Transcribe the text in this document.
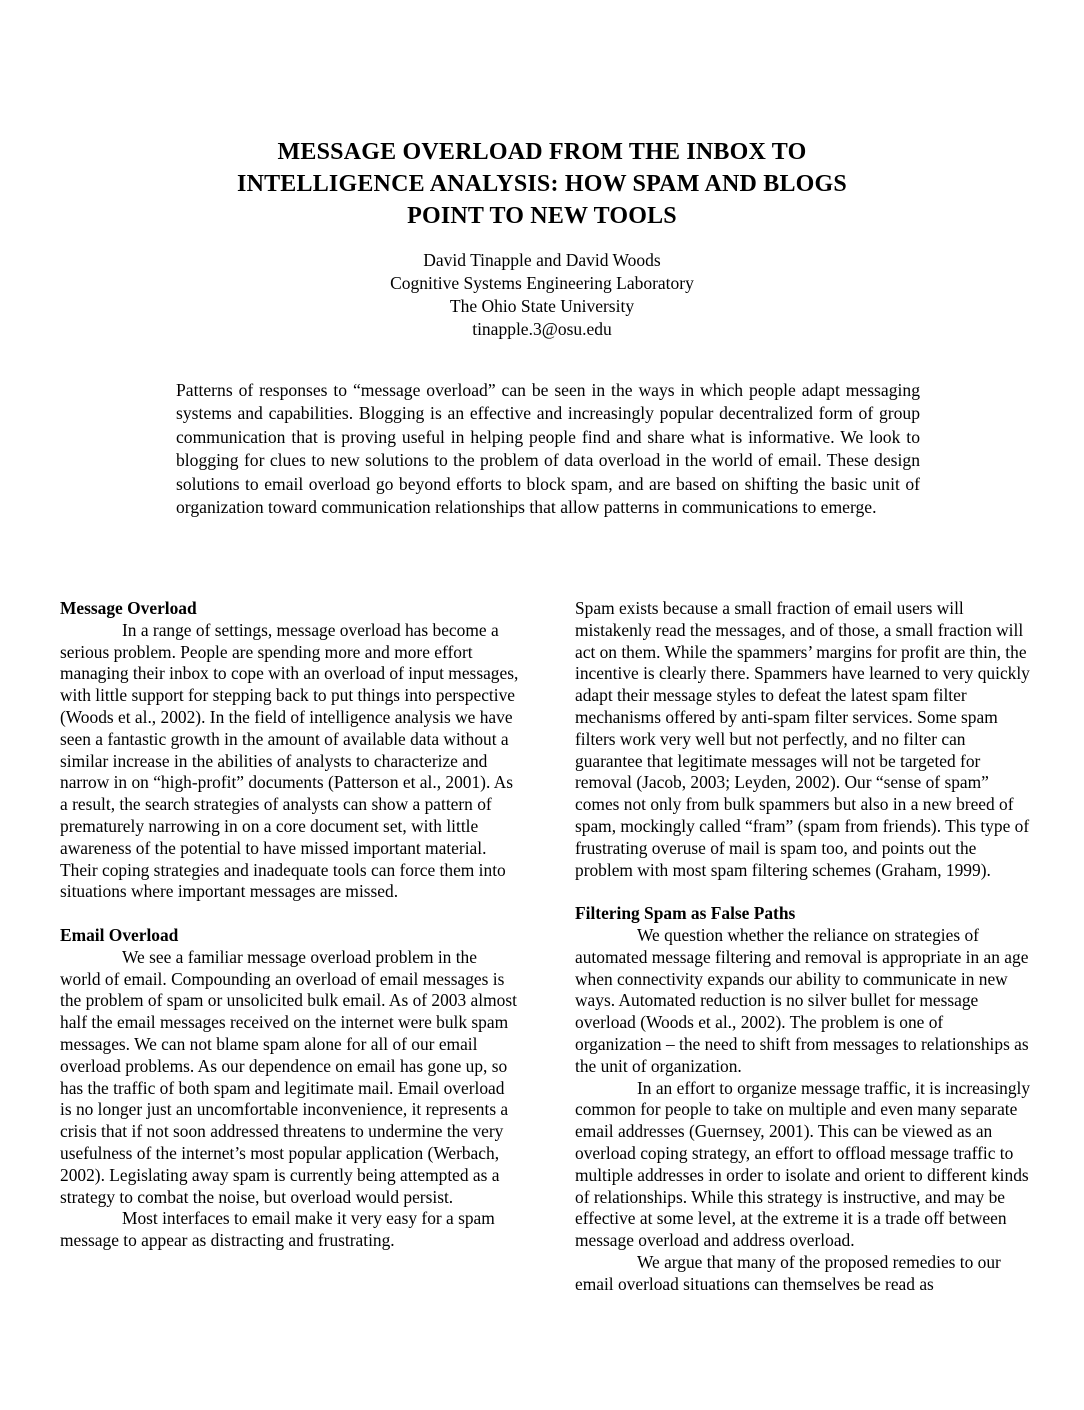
MESSAGE OVERLOAD FROM THE INBOX TO
INTELLIGENCE ANALYSIS: HOW SPAM AND BLOGS
POINT TO NEW TOOLS
David Tinapple and David Woods
Cognitive Systems Engineering Laboratory
The Ohio State University
tinapple.3@osu.edu
Patterns of responses to “message overload” can be seen in the ways in which people adapt messaging systems and capabilities. Blogging is an effective and increasingly popular decentralized form of group communication that is proving useful in helping people find and share what is informative. We look to blogging for clues to new solutions to the problem of data overload in the world of email. These design solutions to email overload go beyond efforts to block spam, and are based on shifting the basic unit of organization toward communication relationships that allow patterns in communications to emerge.
Message Overload

In a range of settings, message overload has become a serious problem. People are spending more and more effort managing their inbox to cope with an overload of input messages, with little support for stepping back to put things into perspective (Woods et al., 2002). In the field of intelligence analysis we have seen a fantastic growth in the amount of available data without a similar increase in the abilities of analysts to characterize and narrow in on “high-profit” documents (Patterson et al., 2001). As a result, the search strategies of analysts can show a pattern of prematurely narrowing in on a core document set, with little awareness of the potential to have missed important material. Their coping strategies and inadequate tools can force them into situations where important messages are missed.

Email Overload

We see a familiar message overload problem in the world of email. Compounding an overload of email messages is the problem of spam or unsolicited bulk email. As of 2003 almost half the email messages received on the internet were bulk spam messages. We can not blame spam alone for all of our email overload problems. As our dependence on email has gone up, so has the traffic of both spam and legitimate mail. Email overload is no longer just an uncomfortable inconvenience, it represents a crisis that if not soon addressed threatens to undermine the very usefulness of the internet’s most popular application (Werbach, 2002). Legislating away spam is currently being attempted as a strategy to combat the noise, but overload would persist.

Most interfaces to email make it very easy for a spam message to appear as distracting and frustrating.

Spam exists because a small fraction of email users will mistakenly read the messages, and of those, a small fraction will act on them. While the spammers’ margins for profit are thin, the incentive is clearly there. Spammers have learned to very quickly adapt their message styles to defeat the latest spam filter mechanisms offered by anti-spam filter services. Some spam filters work very well but not perfectly, and no filter can guarantee that legitimate messages will not be targeted for removal (Jacob, 2003; Leyden, 2002). Our “sense of spam” comes not only from bulk spammers but also in a new breed of spam, mockingly called “fram” (spam from friends). This type of frustrating overuse of mail is spam too, and points out the problem with most spam filtering schemes (Graham, 1999).

Filtering Spam as False Paths

We question whether the reliance on strategies of automated message filtering and removal is appropriate in an age when connectivity expands our ability to communicate in new ways. Automated reduction is no silver bullet for message overload (Woods et al., 2002). The problem is one of organization – the need to shift from messages to relationships as the unit of organization.

In an effort to organize message traffic, it is increasingly common for people to take on multiple and even many separate email addresses (Guernsey, 2001). This can be viewed as an overload coping strategy, an effort to offload message traffic to multiple addresses in order to isolate and orient to different kinds of relationships. While this strategy is instructive, and may be effective at some level, at the extreme it is a trade off between message overload and address overload.

We argue that many of the proposed remedies to our email overload situations can themselves be read as
